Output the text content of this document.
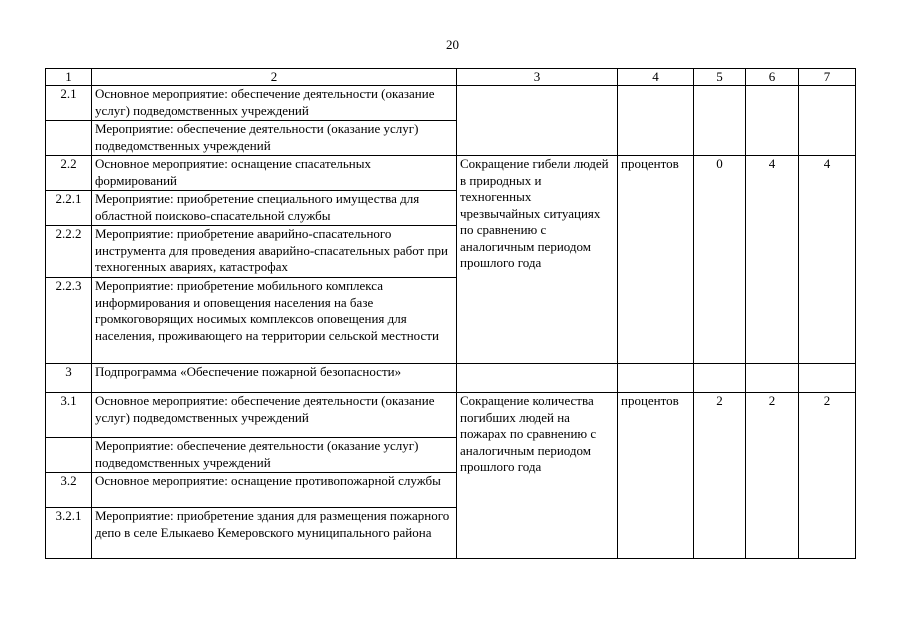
20
1	2	3	4	5	6	7
2.1	Основное мероприятие: обеспечение деятельности (оказание услуг) подведомственных учреждений					
	Мероприятие: обеспечение деятельности (оказание услуг) подведомственных учреждений					
2.2	Основное мероприятие: оснащение спасательных формирований	Сокращение гибели людей в природных и техногенных чрезвычайных ситуациях по сравнению с аналогичным периодом прошлого года	процентов	0	4	4
2.2.1	Мероприятие: приобретение специального имущества для областной поисково-спасательной службы					
2.2.2	Мероприятие: приобретение аварийно-спасательного инструмента для проведения аварийно-спасательных работ при техногенных авариях, катастрофах					
2.2.3	Мероприятие: приобретение мобильного комплекса информирования и оповещения населения на базе громкоговорящих носимых комплексов оповещения для населения, проживающего на территории сельской местности					
3	Подпрограмма «Обеспечение пожарной безопасности»					
3.1	Основное мероприятие: обеспечение деятельности (оказание услуг) подведомственных учреждений	Сокращение количества погибших людей на пожарах по сравнению с аналогичным периодом прошлого года	процентов	2	2	2
	Мероприятие: обеспечение деятельности (оказание услуг) подведомственных учреждений					
3.2	Основное мероприятие: оснащение противопожарной службы					
3.2.1	Мероприятие: приобретение здания для размещения пожарного депо в селе Елыкаево Кемеровского муниципального района					
